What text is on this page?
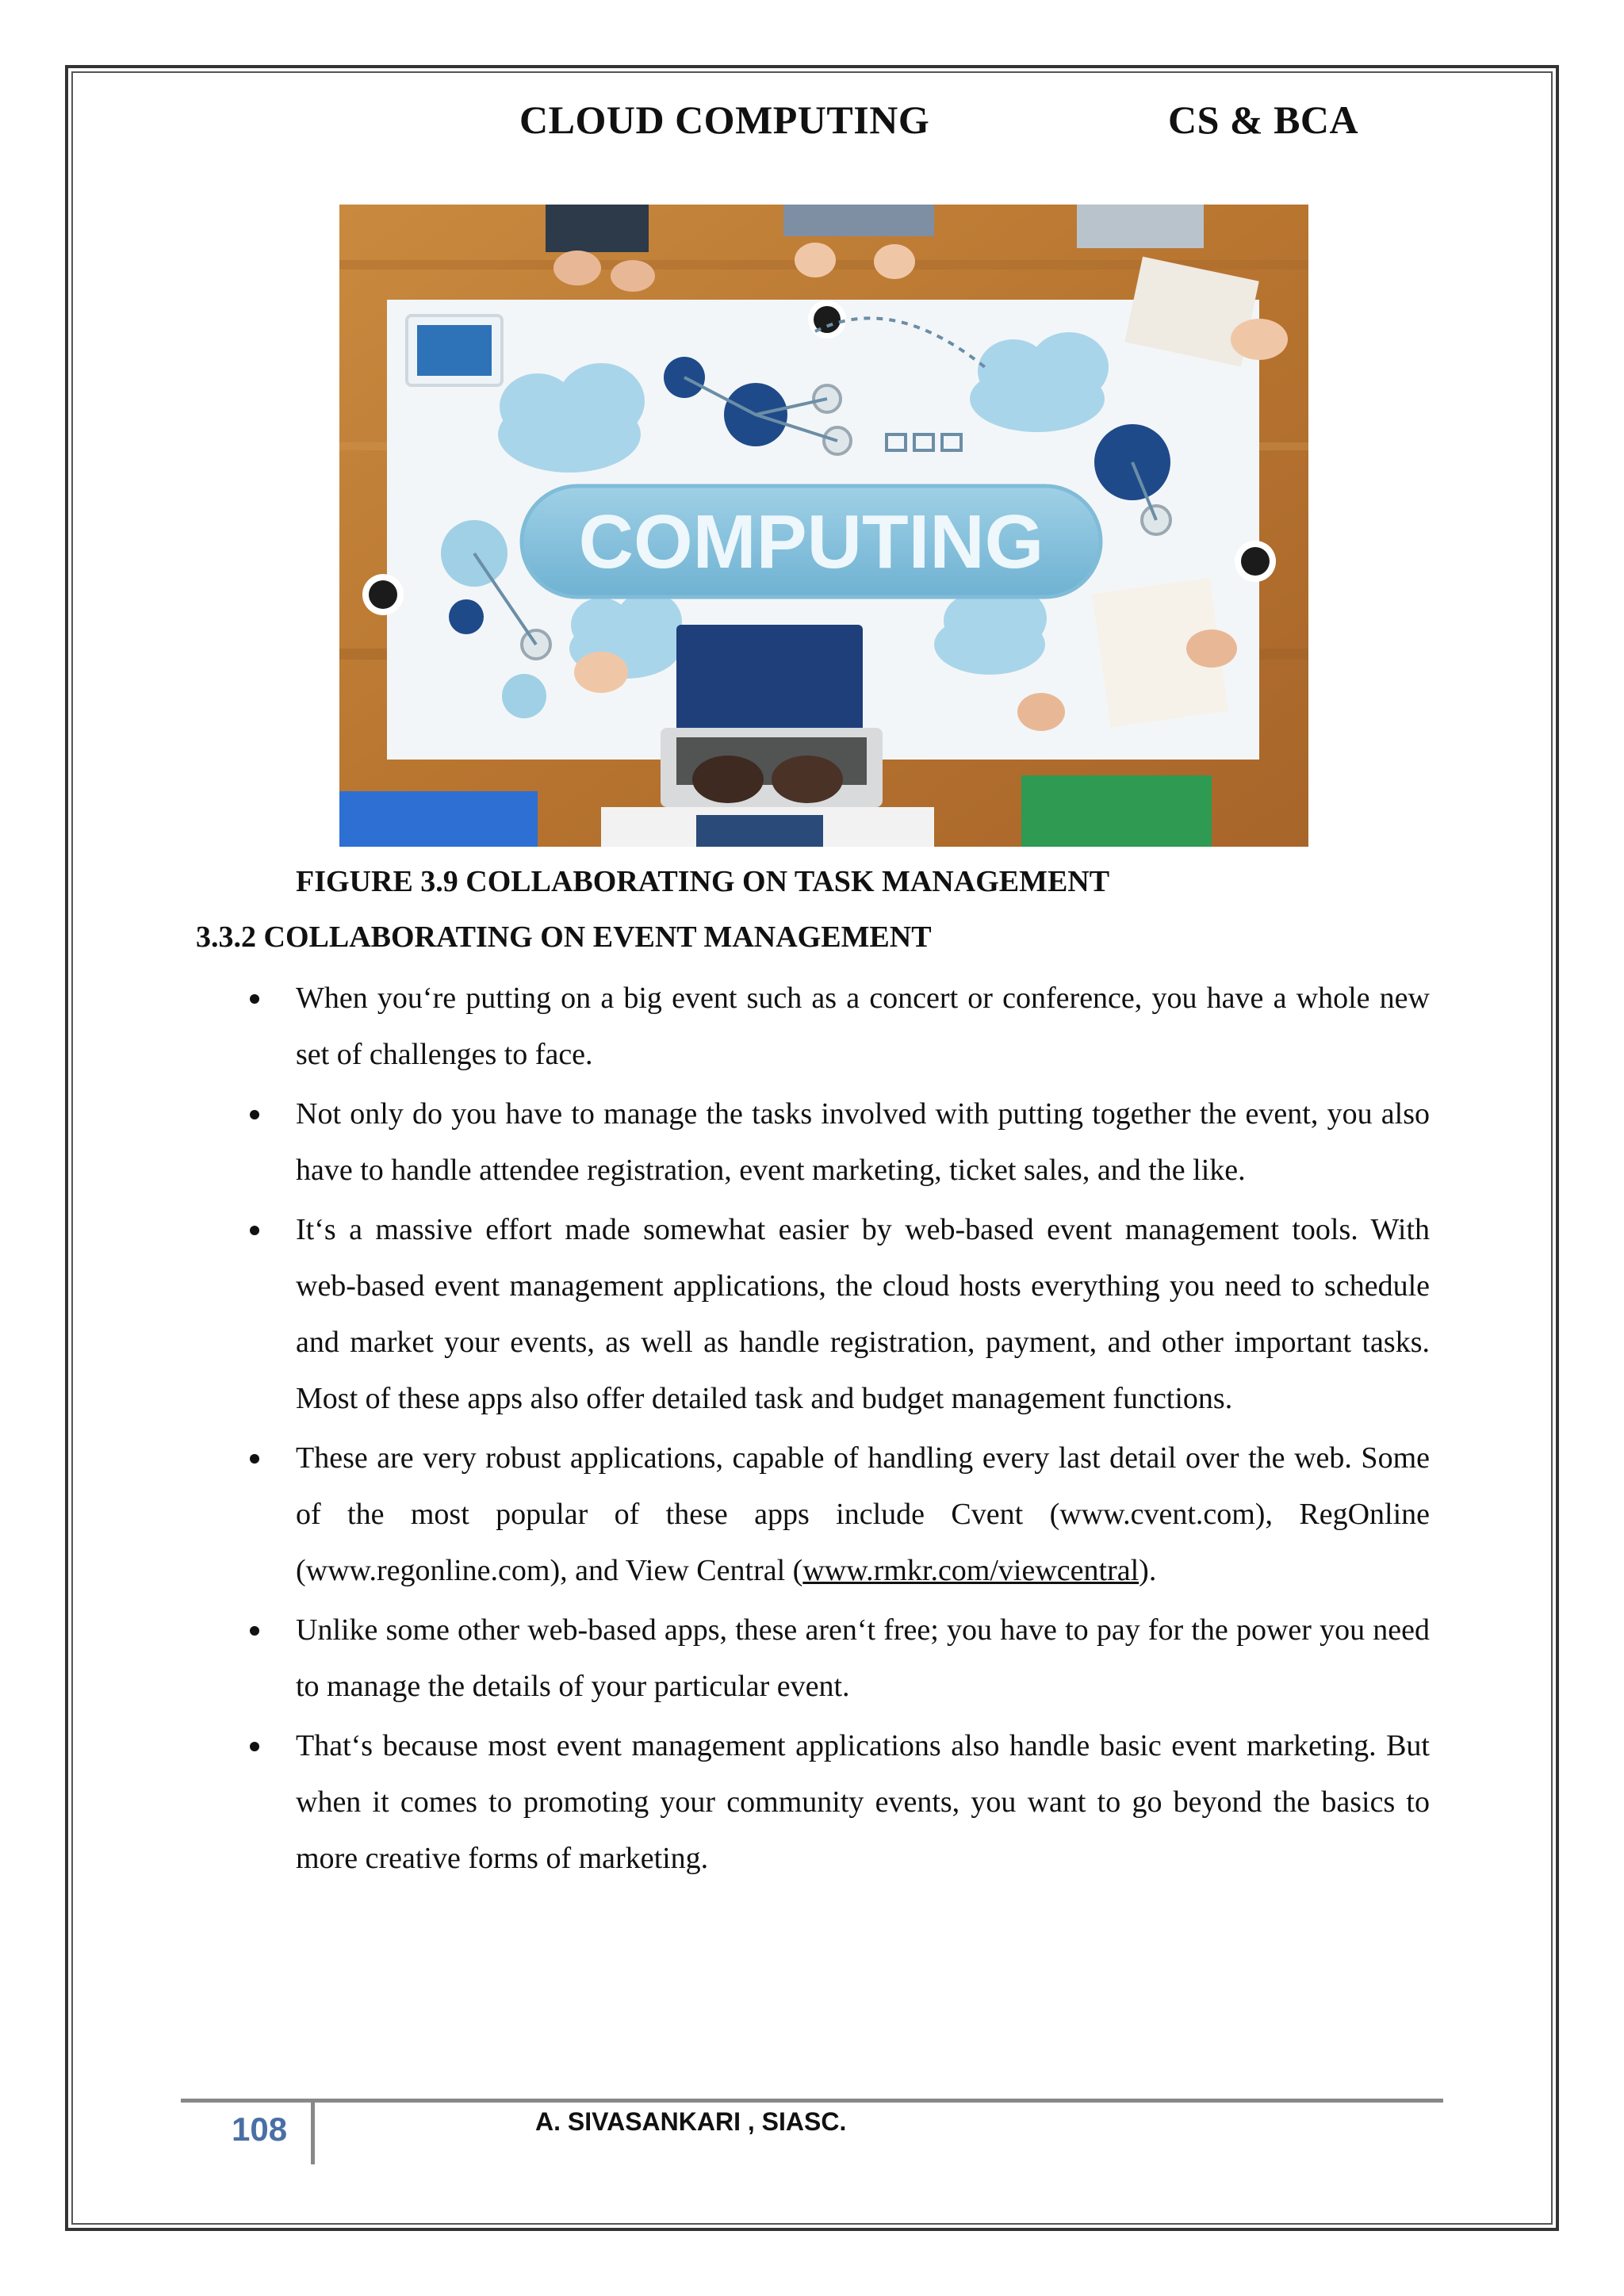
CLOUD COMPUTING	CS & BCA
COMPUTING
FIGURE 3.9 COLLABORATING ON TASK MANAGEMENT
3.3.2 COLLABORATING ON EVENT MANAGEMENT
When you‘re putting on a big event such as a concert or conference, you have a whole new set of challenges to face.
Not only do you have to manage the tasks involved with putting together the event, you also have to handle attendee registration, event marketing, ticket sales, and the like.
It‘s a massive effort made somewhat easier by web-based event management tools. With web-based event management applications, the cloud hosts everything you need to schedule and market your events, as well as handle registration, payment, and other important tasks. Most of these apps also offer detailed task and budget management functions.
These are very robust applications, capable of handling every last detail over the web. Some of the most popular of these apps include Cvent (www.cvent.com), RegOnline (www.regonline.com), and View Central (www.rmkr.com/viewcentral).
Unlike some other web-based apps, these aren‘t free; you have to pay for the power you need to manage the details of your particular event.
That‘s because most event management applications also handle basic event marketing. But when it comes to promoting your community events, you want to go beyond the basics to more creative forms of marketing.
108	A. SIVASANKARI , SIASC.
